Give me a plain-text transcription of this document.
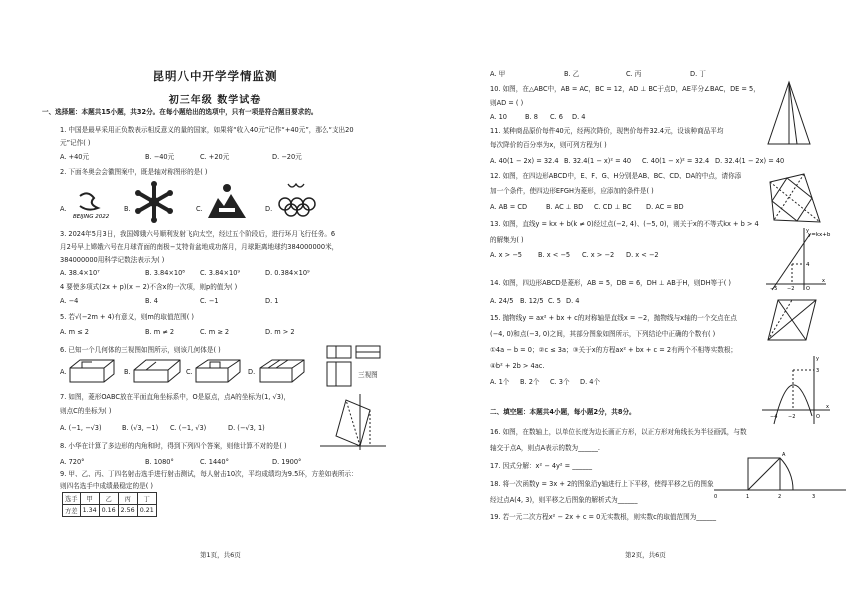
昆明八中开学学情监测
初三年级 数学试卷
一、选择题：本题共15小题，共32分。在每小题给出的选项中，只有一项是符合题目要求的。
1. 中国是最早采用正负数表示相反意义的量的国家，如果将“收入40元”记作“+40元”，那么“支出20
元”记作( )
A. +40元	B. −40元	C. +20元	D. −20元
2. 下面冬奥会会徽图案中，既是轴对称图形的是( )
A.	B.	C.	D.
BEIJING 2022
3. 2024年5月3日，我国嫦娥六号顺利发射飞向太空，经过五个阶段后，进行环月飞行任务。6
月2号早上嫦娥六号在月球背面的南极−艾特肯盆地成功落月，月球距离地球约384000000米，
384000000用科学记数法表示为( )
A. 38.4×10⁷	B. 3.84×10⁸ C. 3.84×10⁹	D. 0.384×10⁹
4 要使多项式(2x + p)(x − 2)不含x的一次项，则p的值为( )
A. −4	B. 4	C. −1	D. 1
5. 若√(−2m + 4)有意义，则m的取值范围( )
A. m ≤ 2	B. m ≠ 2	C. m ≥ 2	D. m > 2
6. 已知一个几何体的三视图如图所示，则该几何体是( )
A.	B.	C.	D.	三视图
7. 如图，菱形OABC放在平面直角坐标系中，O是原点，点A的坐标为(1, √3)，
则点C的坐标为( )
A. (−1, −√3)	B. (√3, −1) C. (−1, √3)	D. (−√3, 1)
8. 小华在计算了多边形的内角和时，得到下列四个答案，则他计算不对的是( )
A. 720°	B. 1080°	C. 1440°	D. 1900°
9. 甲、乙、丙、丁四名射击选手进行射击测试，每人射击10次，平均成绩均为9.5环，方差如表所示：
则四名选手中成绩最稳定的是( )
选手	甲	乙	丙	丁
方差	1.34	0.16	2.56	0.21
第1页，共6页
A. 甲	B. 乙	C. 丙	D. 丁
10. 如图，在△ABC中，AB = AC，BC = 12，AD ⊥ BC于点D，AE平分∠BAC，DE = 5，
则AD = ( )
A. 10	B. 8 C. 6 D. 4
11. 某种商品原价每件40元，经两次降价，现售价每件32.4元，设该种商品平均
每次降价的百分率为x，则可列方程为( )
A. 40(1 − 2x) = 32.4 B. 32.4(1 − x)² = 40 C. 40(1 − x)² = 32.4 D. 32.4(1 − 2x) = 40
12. 如图，在四边形ABCD中，E、F、G、H分别是AB、BC、CD、DA的中点，请你添
加一个条件，使四边形EFGH为菱形，应添加的条件是( )
A. AB = CD	B. AC ⊥ BD C. CD ⊥ BC D. AC = BD
13. 如图，直线y = kx + b(k ≠ 0)经过点(−2, 4)、(−5, 0)，则关于x的不等式kx + b > 4
的解集为( )
A. x > −5 B. x < −5 C. x > −2 D. x < −2
y=kx+b
4
−5 −2 O
x
y
14. 如图，四边形ABCD是菱形，AB = 5，DB = 6，DH ⊥ AB于H，则DH等于( )
A. 24/5 B. 12/5 C. 5 D. 4
15. 抛物线y = ax² + bx + c的对称轴是直线x = −2，抛物线与x轴的一个交点在点
(−4, 0)和点(−3, 0)之间，其部分图象如图所示，下列结论中正确的个数有( )
①4a − b = 0；②c ≤ 3a；③关于x的方程ax² + bx + c = 2有两个不相等实数根；
④b² + 2b > 4ac.
A. 1个 B. 2个 C. 3个 D. 4个
3
−4 −2	O
x
y
二、填空题：本题共4小题，每小题2分，共8分。
16. 如图，在数轴上，以单位长度为边长画正方形，以正方形对角线长为半径画弧，与数
轴交于点A，则点A表示的数为______.
0	1	2	3
A
17. 因式分解：x² − 4y² = ______
18. 将一次函数y = 3x + 2的图象沿y轴进行上下平移，使得平移之后的图象
经过点A(4, 3)，则平移之后图象的解析式为______
19. 若一元二次方程x² − 2x + c = 0无实数根，则实数c的取值范围为______
第2页，共6页
